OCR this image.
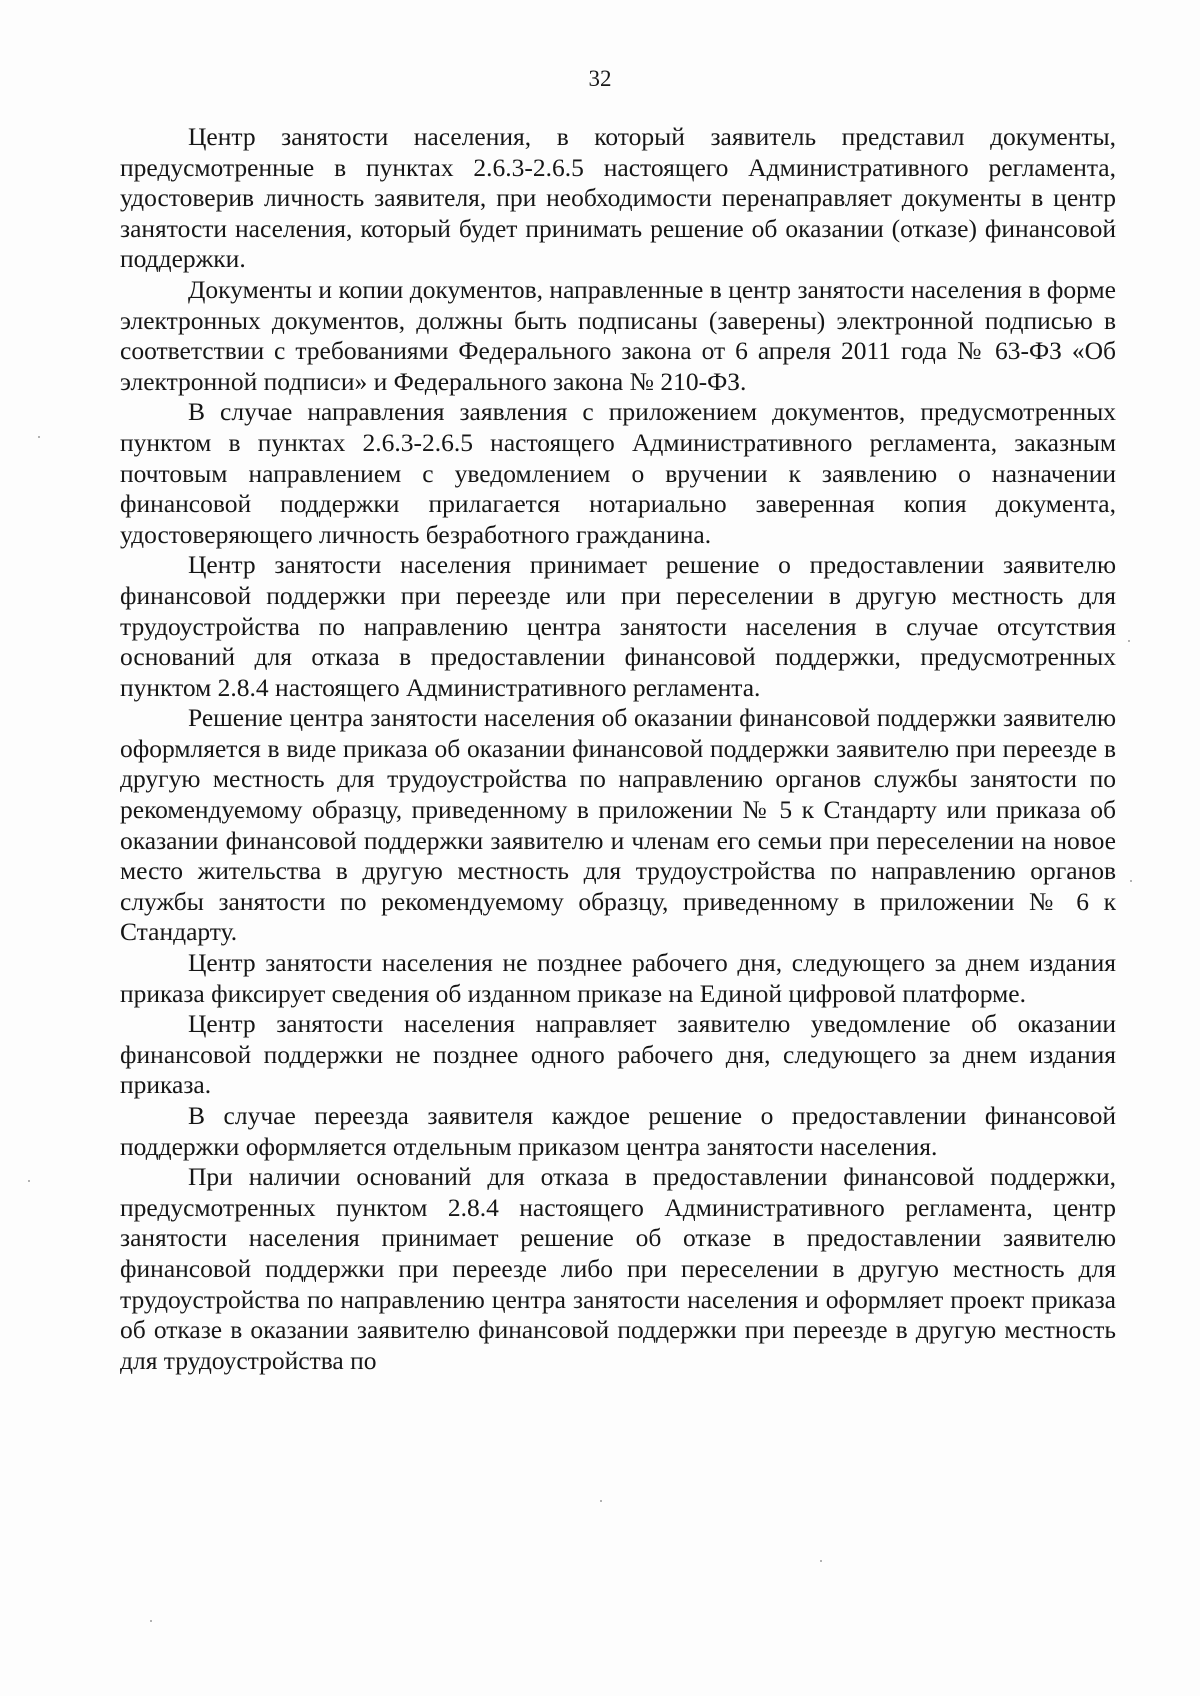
32

Центр занятости населения, в который заявитель представил документы, предусмотренные в пунктах 2.6.3-2.6.5 настоящего Административного регламента, удостоверив личность заявителя, при необходимости перенаправляет документы в центр занятости населения, который будет принимать решение об оказании (отказе) финансовой поддержки.

Документы и копии документов, направленные в центр занятости населения в форме электронных документов, должны быть подписаны (заверены) электронной подписью в соответствии с требованиями Федерального закона от 6 апреля 2011 года № 63-ФЗ «Об электронной подписи» и Федерального закона № 210-ФЗ.

В случае направления заявления с приложением документов, предусмотренных пунктом в пунктах 2.6.3-2.6.5 настоящего Административного регламента, заказным почтовым направлением с уведомлением о вручении к заявлению о назначении финансовой поддержки прилагается нотариально заверенная копия документа, удостоверяющего личность безработного гражданина.

Центр занятости населения принимает решение о предоставлении заявителю финансовой поддержки при переезде или при переселении в другую местность для трудоустройства по направлению центра занятости населения в случае отсутствия оснований для отказа в предоставлении финансовой поддержки, предусмотренных пунктом 2.8.4 настоящего Административного регламента.

Решение центра занятости населения об оказании финансовой поддержки заявителю оформляется в виде приказа об оказании финансовой поддержки заявителю при переезде в другую местность для трудоустройства по направлению органов службы занятости по рекомендуемому образцу, приведенному в приложении № 5 к Стандарту или приказа об оказании финансовой поддержки заявителю и членам его семьи при переселении на новое место жительства в другую местность для трудоустройства по направлению органов службы занятости по рекомендуемому образцу, приведенному в приложении № 6 к Стандарту.

Центр занятости населения не позднее рабочего дня, следующего за днем издания приказа фиксирует сведения об изданном приказе на Единой цифровой платформе.

Центр занятости населения направляет заявителю уведомление об оказании финансовой поддержки не позднее одного рабочего дня, следующего за днем издания приказа.

В случае переезда заявителя каждое решение о предоставлении финансовой поддержки оформляется отдельным приказом центра занятости населения.

При наличии оснований для отказа в предоставлении финансовой поддержки, предусмотренных пунктом 2.8.4 настоящего Административного регламента, центр занятости населения принимает решение об отказе в предоставлении заявителю финансовой поддержки при переезде либо при переселении в другую местность для трудоустройства по направлению центра занятости населения и оформляет проект приказа об отказе в оказании заявителю финансовой поддержки при переезде в другую местность для трудоустройства по
